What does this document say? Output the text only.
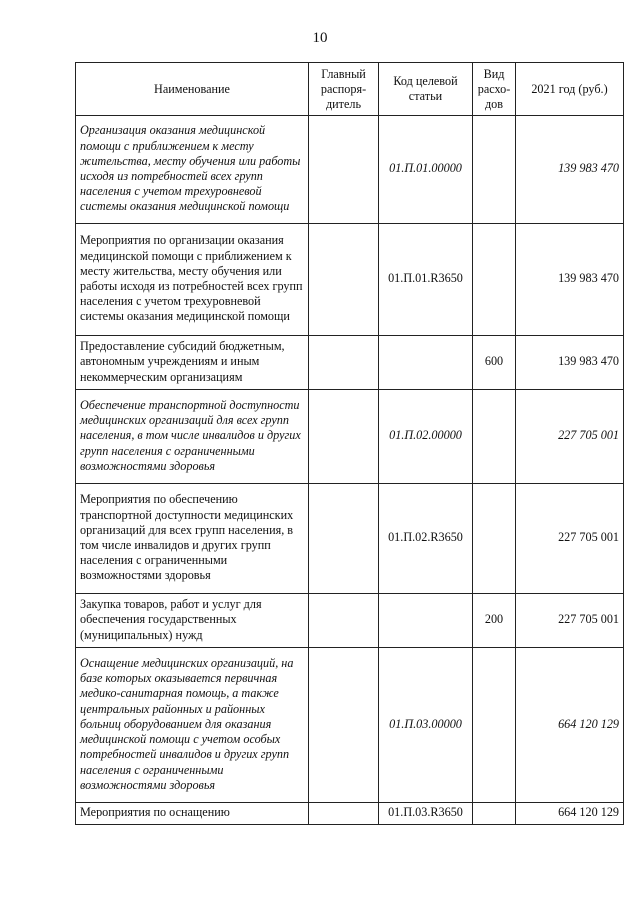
10
Наименование	Главный распоря-дитель	Код целевой статьи	Вид расхо-дов	2021 год (руб.)
Организация оказания медицинской помощи с приближением к месту жительства, месту обучения или работы исходя из потребностей всех групп населения с учетом трехуровневой системы оказания медицинской помощи		01.П.01.00000		139 983 470
Мероприятия по организации оказания медицинской помощи с приближением к месту жительства, месту обучения или работы исходя из потребностей всех групп населения с учетом трехуровневой системы оказания медицинской помощи		01.П.01.R3650		139 983 470
Предоставление субсидий бюджетным, автономным учреждениям и иным некоммерческим организациям			600	139 983 470
Обеспечение транспортной доступности медицинских организаций для всех групп населения, в том числе инвалидов и других групп населения с ограниченными возможностями здоровья		01.П.02.00000		227 705 001
Мероприятия по обеспечению транспортной доступности медицинских организаций для всех групп населения, в том числе инвалидов и других групп населения с ограниченными возможностями здоровья		01.П.02.R3650		227 705 001
Закупка товаров, работ и услуг для обеспечения государственных (муниципальных) нужд			200	227 705 001
Оснащение медицинских организаций, на базе которых оказывается первичная медико-санитарная помощь, а также центральных районных и районных больниц оборудованием для оказания медицинской помощи с учетом особых потребностей инвалидов и других групп населения с ограниченными возможностями здоровья		01.П.03.00000		664 120 129
Мероприятия по оснащению		01.П.03.R3650		664 120 129
